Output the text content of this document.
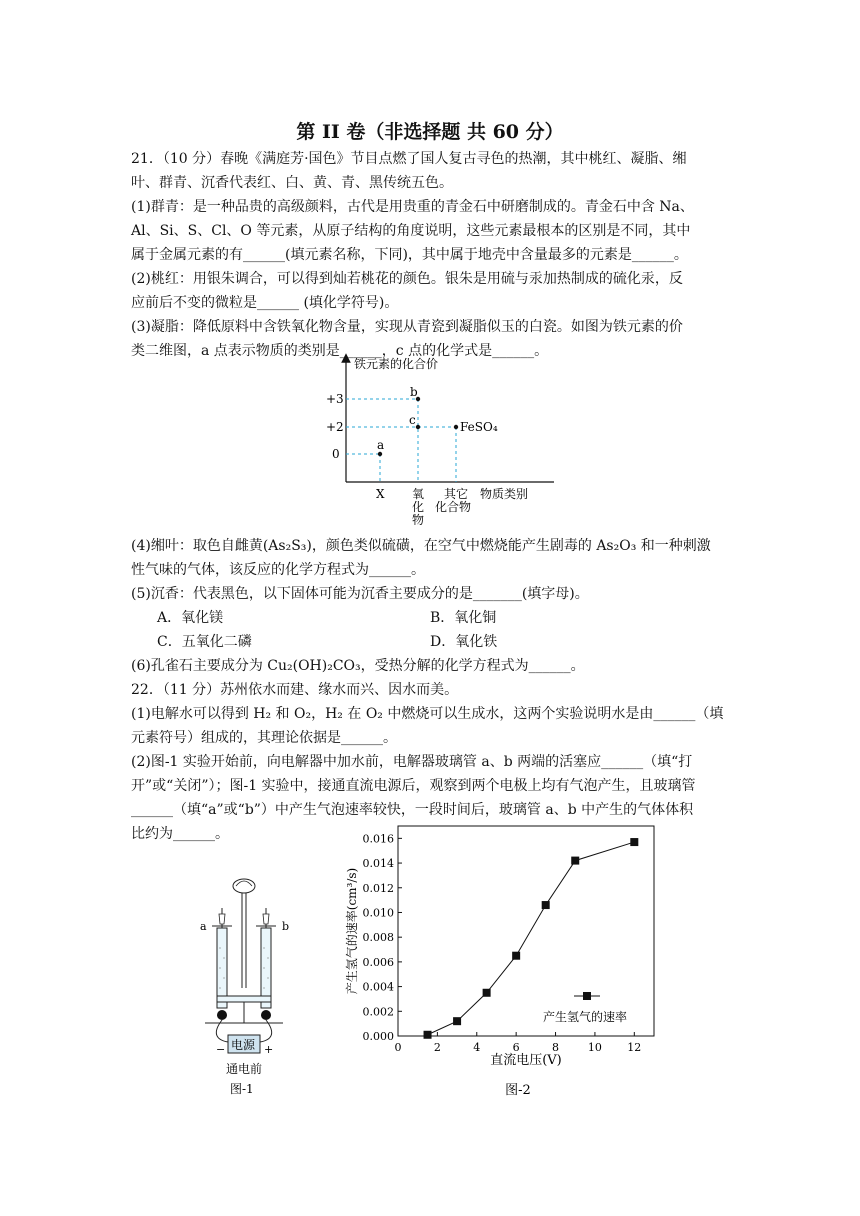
第 II 卷（非选择题 共 60 分）
21．（10 分）春晚《满庭芳·国色》节目点燃了国人复古寻色的热潮，其中桃红、凝脂、缃
叶、群青、沉香代表红、白、黄、青、黑传统五色。
(1)群青：是一种品贵的高级颜料，古代是用贵重的青金石中研磨制成的。青金石中含 Na、
Al、Si、S、Cl、O 等元素，从原子结构的角度说明，这些元素最根本的区别是不同，其中
属于金属元素的有______(填元素名称，下同)，其中属于地壳中含量最多的元素是______。
(2)桃红：用银朱调合，可以得到灿若桃花的颜色。银朱是用硫与汞加热制成的硫化汞，反
应前后不变的微粒是______ (填化学符号)。
(3)凝脂：降低原料中含铁氧化物含量，实现从青瓷到凝脂似玉的白瓷。如图为铁元素的价
类二维图，a 点表示物质的类别是______，c 点的化学式是______。
铁元素的化合价
+3
+2
0
a
b
c	FeSO₄
X 氧
化
物
其它
化合物
物质类别
(4)缃叶：取色自雌黄(As₂S₃)，颜色类似硫磺，在空气中燃烧能产生剧毒的 As₂O₃ 和一种刺激
性气味的气体，该反应的化学方程式为______。
(5)沉香：代表黑色，以下固体可能为沉香主要成分的是_______(填字母)。
A．氧化镁	B．氧化铜
C．五氧化二磷	D．氧化铁
(6)孔雀石主要成分为 Cu₂(OH)₂CO₃，受热分解的化学方程式为______。
22．（11 分）苏州依水而建、缘水而兴、因水而美。
(1)电解水可以得到 H₂ 和 O₂，H₂ 在 O₂ 中燃烧可以生成水，这两个实验说明水是由______（填
元素符号）组成的，其理论依据是______。
(2)图-1 实验开始前，向电解器中加水前，电解器玻璃管 a、b 两端的活塞应______（填“打
开”或“关闭”）；图-1 实验中，接通直流电源后，观察到两个电极上均有气泡产生，且玻璃管
______（填“a”或“b”）中产生气泡速率较快，一段时间后，玻璃管 a、b 中产生的气体体积
比约为______。
电源
−	+
a	b
通电前
图-1
0.000
0.002
0.004
0.006
0.008
0.010
0.012
0.014
0.016
0	2	4	6	8	10 12
产生氢气的速率(cm³/s)
直流电压(V)
产生氢气的速率
图-2
